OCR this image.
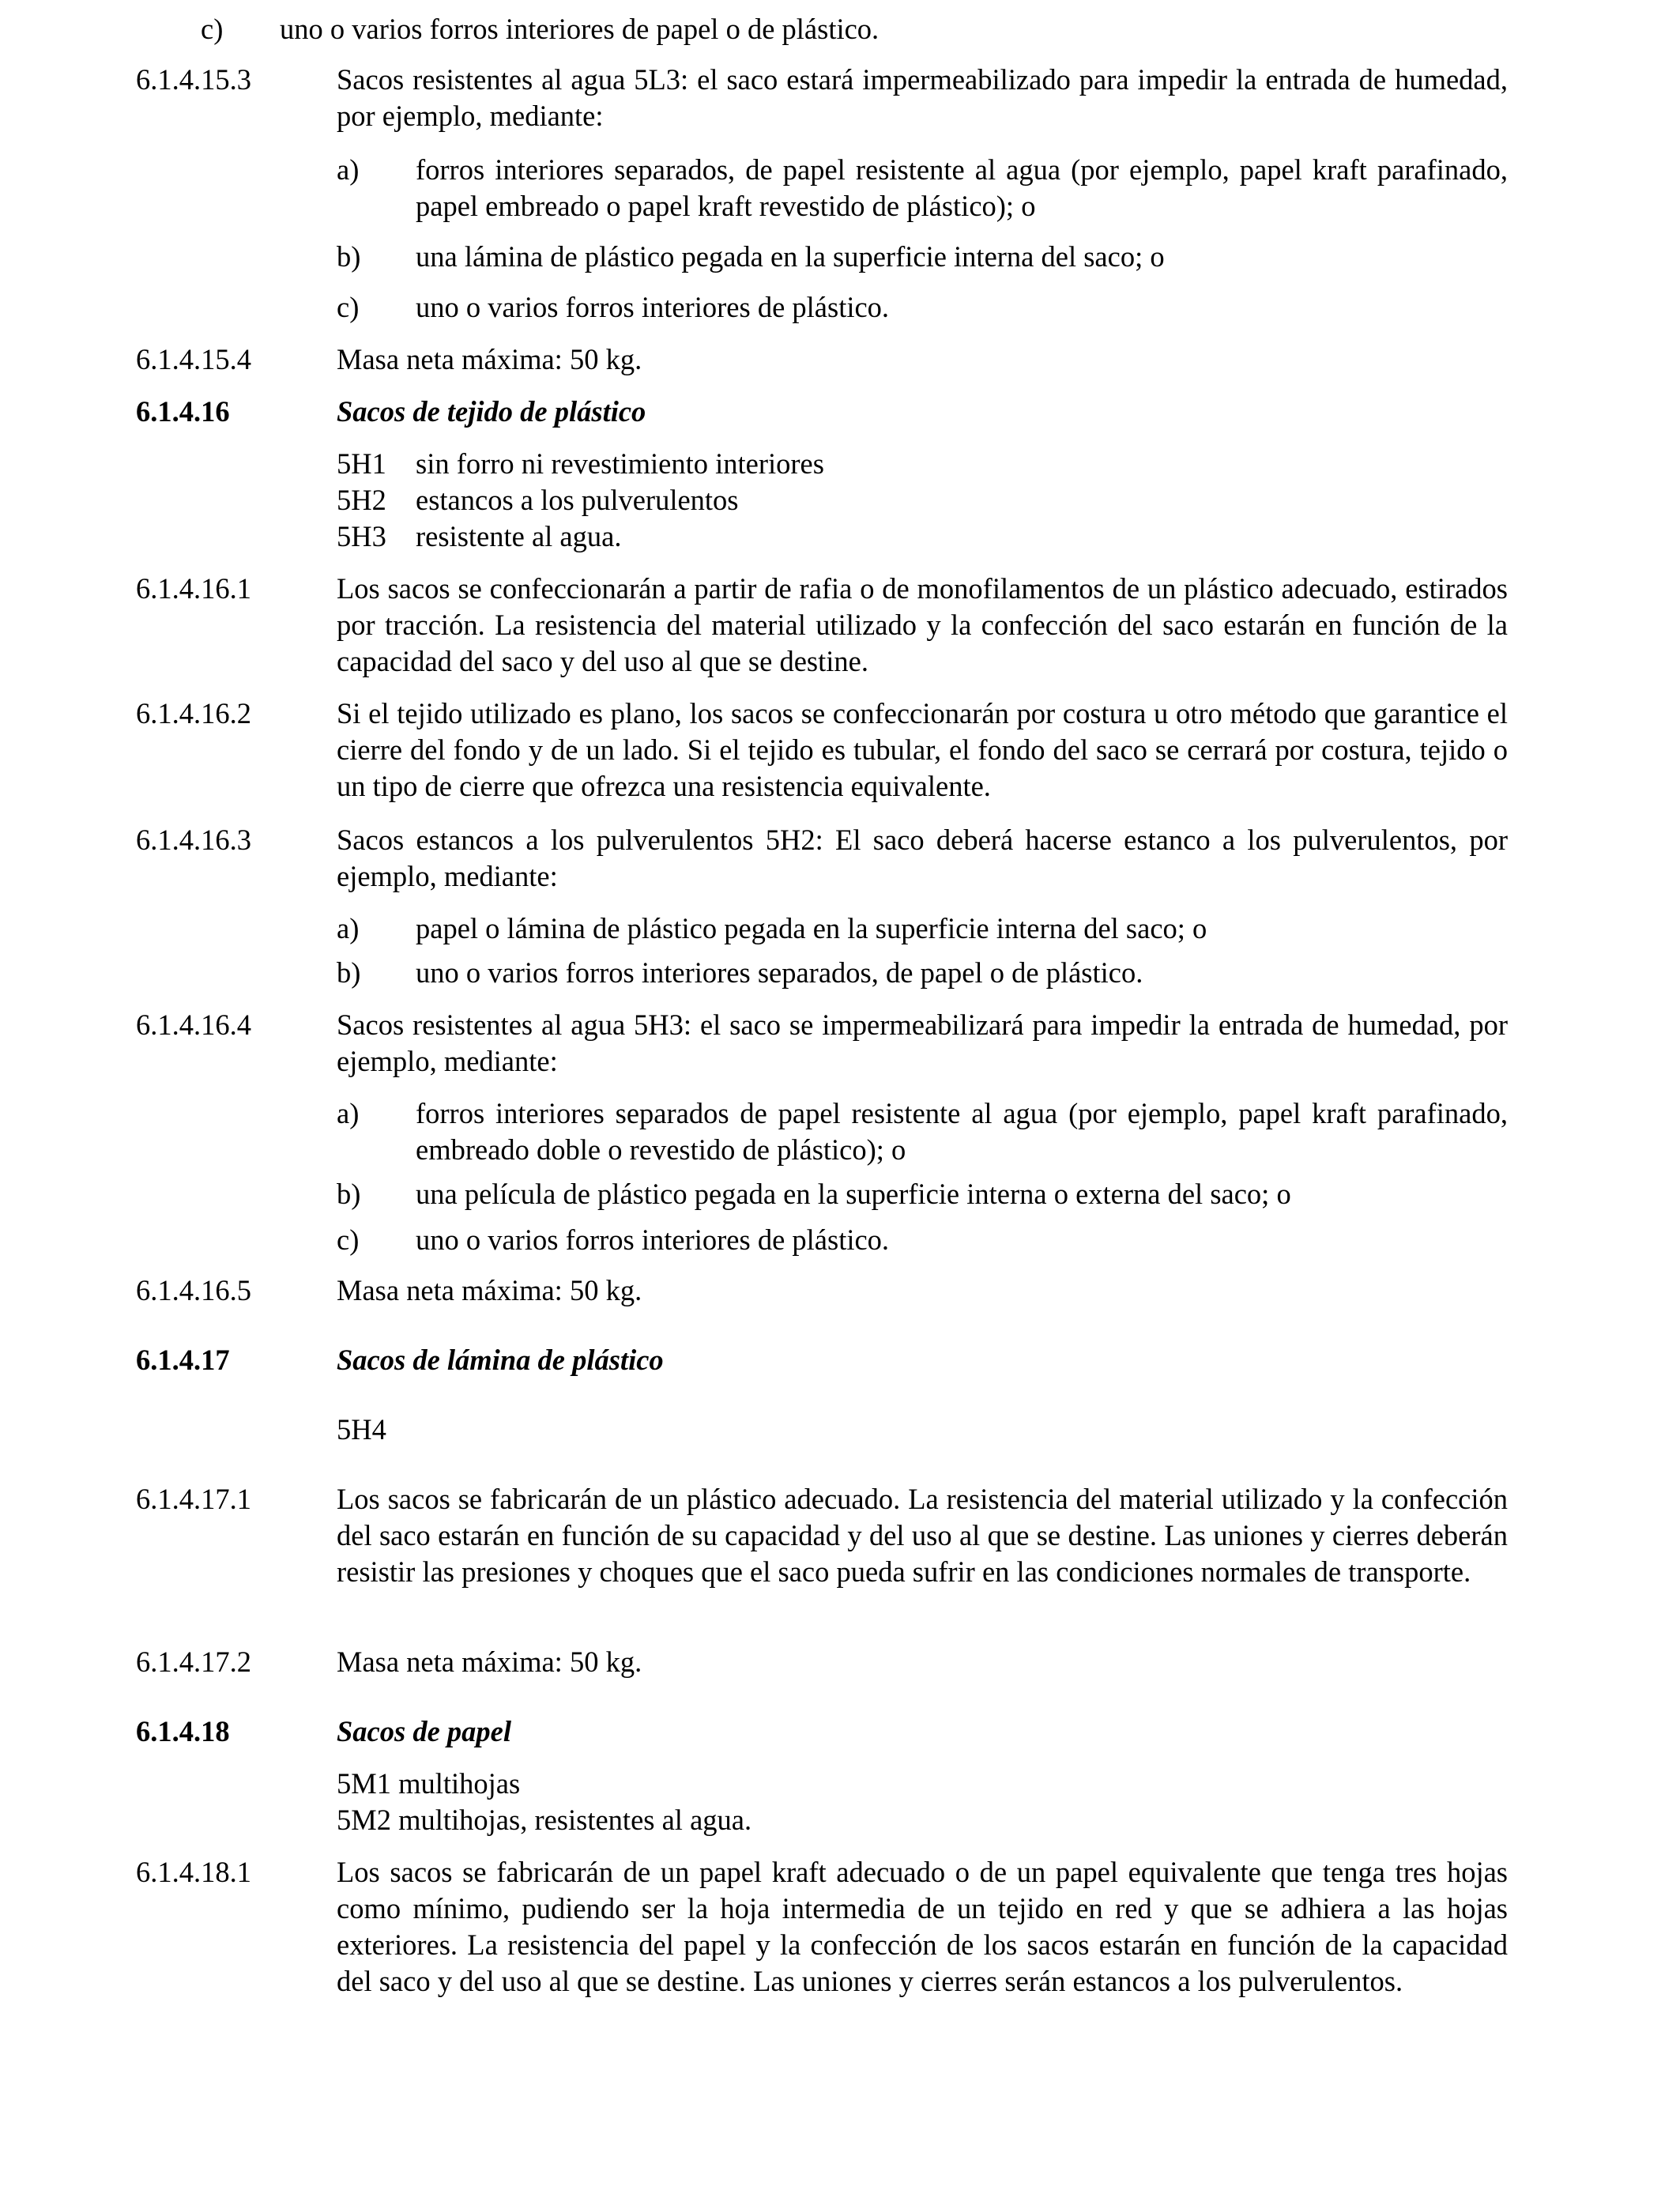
c) uno o varios forros interiores de papel o de plástico.
6.1.4.15.3	Sacos resistentes al agua 5L3: el saco estará impermeabilizado para impedir la entrada de humedad, por ejemplo, mediante:
a) forros interiores separados, de papel resistente al agua (por ejemplo, papel kraft parafinado, papel embreado o papel kraft revestido de plástico); o
b) una lámina de plástico pegada en la superficie interna del saco; o
c) uno o varios forros interiores de plástico.
6.1.4.15.4	Masa neta máxima: 50 kg.
6.1.4.16	Sacos de tejido de plástico
5H1 sin forro ni revestimiento interiores
5H2 estancos a los pulverulentos
5H3 resistente al agua.
6.1.4.16.1	Los sacos se confeccionarán a partir de rafia o de monofilamentos de un plástico adecuado, estirados por tracción. La resistencia del material utilizado y la confección del saco estarán en función de la capacidad del saco y del uso al que se destine.
6.1.4.16.2	Si el tejido utilizado es plano, los sacos se confeccionarán por costura u otro método que garantice el cierre del fondo y de un lado. Si el tejido es tubular, el fondo del saco se cerrará por costura, tejido o un tipo de cierre que ofrezca una resistencia equivalente.
6.1.4.16.3	Sacos estancos a los pulverulentos 5H2: El saco deberá hacerse estanco a los pulverulentos, por ejemplo, mediante:
a) papel o lámina de plástico pegada en la superficie interna del saco; o
b) uno o varios forros interiores separados, de papel o de plástico.
6.1.4.16.4	Sacos resistentes al agua 5H3: el saco se impermeabilizará para impedir la entrada de humedad, por ejemplo, mediante:
a) forros interiores separados de papel resistente al agua (por ejemplo, papel kraft parafinado, embreado doble o revestido de plástico); o
b) una película de plástico pegada en la superficie interna o externa del saco; o
c) uno o varios forros interiores de plástico.
6.1.4.16.5	Masa neta máxima: 50 kg.
6.1.4.17	Sacos de lámina de plástico
5H4
6.1.4.17.1	Los sacos se fabricarán de un plástico adecuado. La resistencia del material utilizado y la confección del saco estarán en función de su capacidad y del uso al que se destine. Las uniones y cierres deberán resistir las presiones y choques que el saco pueda sufrir en las condiciones normales de transporte.
6.1.4.17.2	Masa neta máxima: 50 kg.
6.1.4.18	Sacos de papel
5M1 multihojas
5M2 multihojas, resistentes al agua.
6.1.4.18.1	Los sacos se fabricarán de un papel kraft adecuado o de un papel equivalente que tenga tres hojas como mínimo, pudiendo ser la hoja intermedia de un tejido en red y que se adhiera a las hojas exteriores. La resistencia del papel y la confección de los sacos estarán en función de la capacidad del saco y del uso al que se destine. Las uniones y cierres serán estancos a los pulverulentos.
